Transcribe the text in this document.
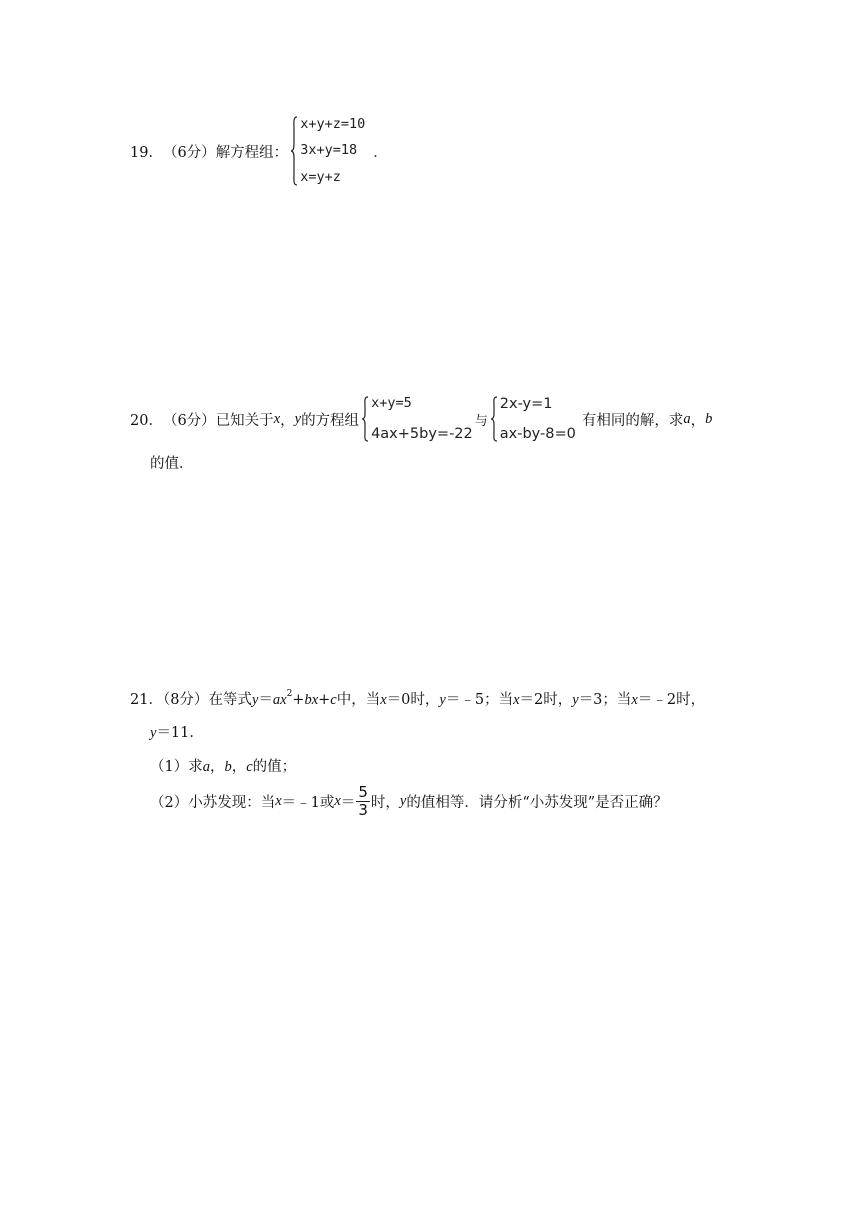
19． （6分） 解方程组：
x+y+z=10
3x+y=18
x=y+z
．
20． （6分） 已知关于 x ， y 的方程组
x+y=5
4ax+5by=-22
与
2x-y=1
ax-by-8=0
有相同的解，求 a ， b
的值．
21．（8分）在等式$y=ax^2+bx+c$中，当x＝0时，y＝﹣5；当x＝2时，y＝3；当x＝﹣2时，
y＝11．
（1）求a，b，c的值；
（2）小苏发现：当 x ＝﹣1或 $x = \frac{5}{3}$ 时， y 的值相等．请分析“小苏发现”是否正确？
